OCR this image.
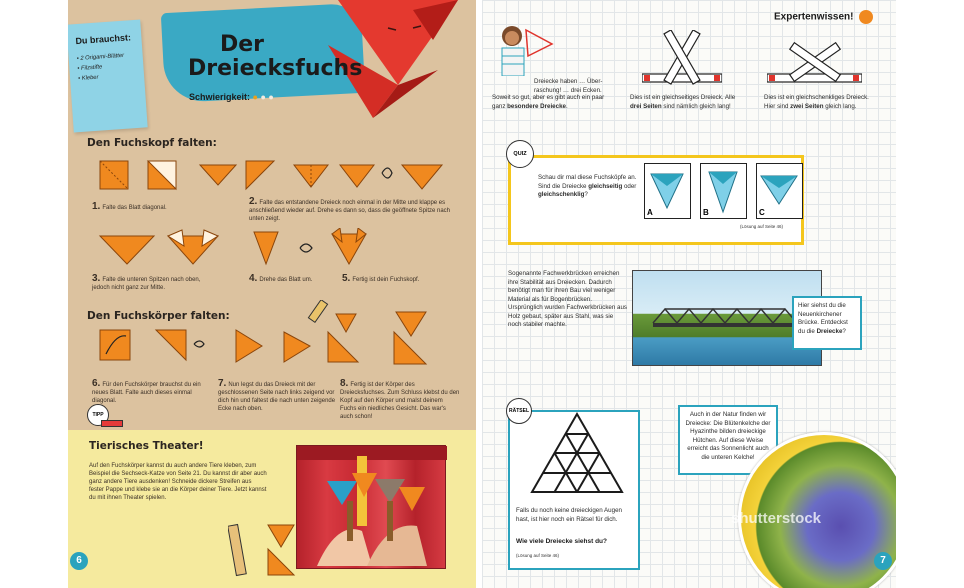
Der
Dreiecksfuchs
Schwierigkeit: ● ● ●
Du brauchst:
• 2 Origami-Blätter
• Filzstifte
• Kleber
Den Fuchskopf falten:
1. Falte das Blatt diagonal.
2. Falte das entstandene Dreieck noch einmal in der Mitte und klappe es anschließend wieder auf. Drehe es dann so, dass die geöffnete Spitze nach unten zeigt.
3. Falte die unteren Spitzen nach oben, jedoch nicht ganz zur Mitte.
4. Drehe das Blatt um.	5. Fertig ist dein Fuchskopf.
Den Fuchskörper falten:
6. Für den Fuchskörper brauchst du ein neues Blatt. Falte auch dieses einmal diagonal.
7. Nun legst du das Dreieck mit der geschlossenen Seite nach links zeigend vor dich hin und faltest die nach unten zeigende Ecke nach oben.
8. Fertig ist der Körper des Dreiecksfuchses. Zum Schluss klebst du den Kopf auf den Körper und malst deinem Fuchs ein niedliches Gesicht. Das war's auch schon!
TIPP
Tierisches Theater!
Auf den Fuchskörper kannst du auch andere Tiere kleben, zum Beispiel die Sechseck-Katze von Seite 21. Du kannst dir aber auch ganz andere Tiere ausdenken! Schneide dickere Streifen aus fester Pappe und klebe sie an die Körper deiner Tiere. Jetzt kannst du mit ihnen Theater spielen.
6
Expertenwissen!
Dreiecke haben … Über- raschung! … drei Ecken.
Soweit so gut, aber es gibt auch ein paar ganz besondere Dreiecke.
Dies ist ein gleichseitiges Dreieck. Alle drei Seiten sind nämlich gleich lang!
Dies ist ein gleichschenkliges Dreieck. Hier sind zwei Seiten gleich lang.
QUIZ
Schau dir mal diese Fuchsköpfe an. Sind die Dreiecke gleichseitig oder gleichschenklig?
A	B	C
(Lösung auf Seite 46)
Sogenannte Fachwerkbrücken erreichen ihre Stabilität aus Dreiecken. Dadurch benötigt man für ihren Bau viel weniger Material als für Bogenbrücken. Ursprünglich wurden Fachwerkbrücken aus Holz gebaut, später aus Stahl, was sie noch stabiler machte.
Hier siehst du die Neuenkirchener Brücke. Entdeckst du die Dreiecke?
RÄTSEL
Falls du noch keine dreieckigen Augen hast, ist hier noch ein Rätsel für dich.
Wie viele Dreiecke siehst du?
(Lösung auf Seite 46)
Auch in der Natur finden wir Dreiecke: Die Blütenkelche der Hyazinthe bilden dreieckige Hütchen. Auf diese Weise erreicht das Sonnenlicht auch die unteren Kelche!
shutterstock
7
